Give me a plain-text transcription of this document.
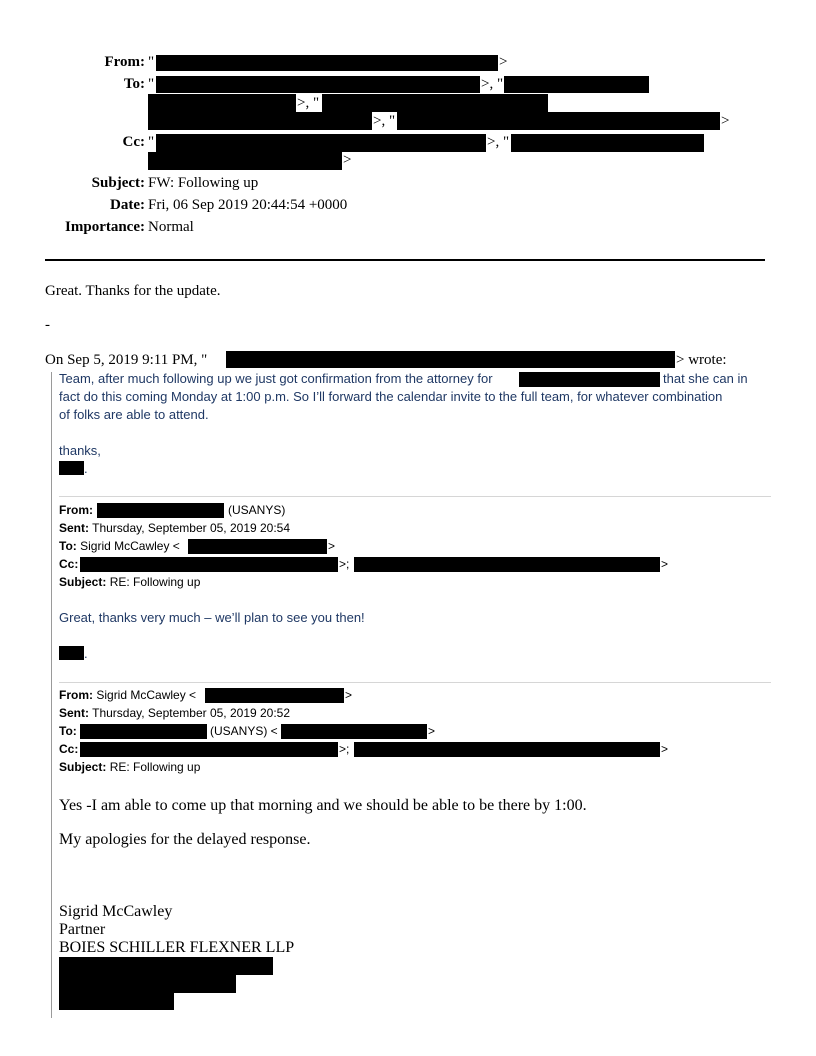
From: "	>
To: "	>, "
>, "
>, "	>
Cc: "	>, "
>
Subject: FW: Following up
Date: Fri, 06 Sep 2019 20:44:54 +0000
Importance: Normal
Great. Thanks for the update.
-
On Sep 5, 2019 9:11 PM, "	> wrote:
Team, after much following up we just got confirmation from the attorney for	that she can in
fact do this coming Monday at 1:00 p.m. So I’ll forward the calendar invite to the full team, for whatever combination
of folks are able to attend.
thanks,
.
From:	(USANYS)
Sent: Thursday, September 05, 2019 20:54
To: Sigrid McCawley <	>
Cc:	>;	>
Subject: RE: Following up
Great, thanks very much – we’ll plan to see you then!
.
From: Sigrid McCawley <	>
Sent: Thursday, September 05, 2019 20:52
To:	(USANYS) <	>
Cc:	>;	>
Subject: RE: Following up
Yes -I am able to come up that morning and we should be able to be there by 1:00.
My apologies for the delayed response.
Sigrid McCawley
Partner
BOIES SCHILLER FLEXNER LLP
